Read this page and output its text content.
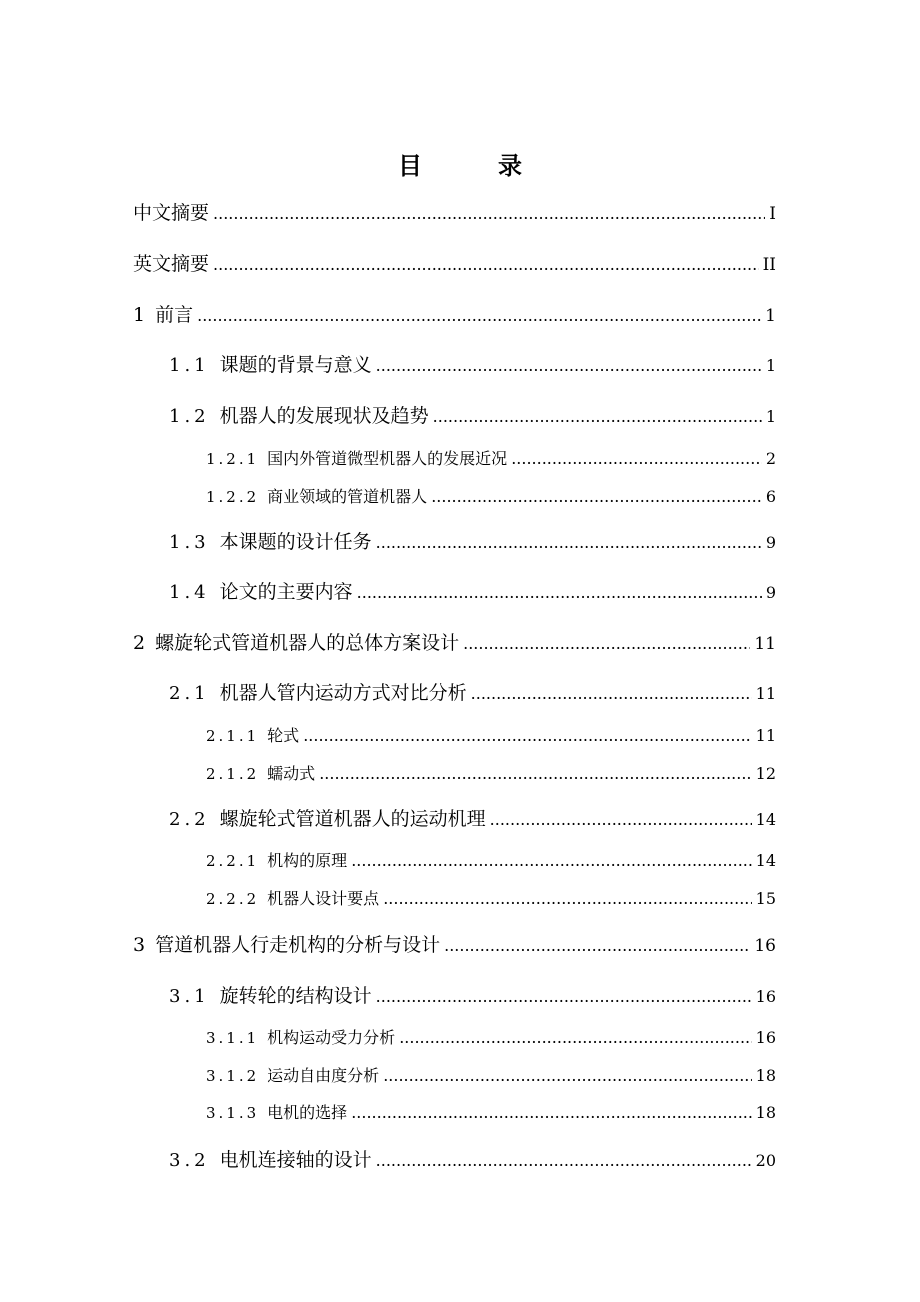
目　录
中文摘要 .....	I
英文摘要 .....	II
1 前言 .....	1
1.1 课题的背景与意义 .....	1
1.2 机器人的发展现状及趋势 .....	1
1.2.1 国内外管道微型机器人的发展近况 .....	2
1.2.2 商业领域的管道机器人 .....	6
1.3 本课题的设计任务 .....	9
1.4 论文的主要内容 .....	9
2 螺旋轮式管道机器人的总体方案设计 .....	11
2.1 机器人管内运动方式对比分析 .....	11
2.1.1 轮式 .....	11
2.1.2 蠕动式 .....	12
2.2 螺旋轮式管道机器人的运动机理 .....	14
2.2.1 机构的原理 .....	14
2.2.2 机器人设计要点 .....	15
3 管道机器人行走机构的分析与设计 .....	16
3.1 旋转轮的结构设计 .....	16
3.1.1 机构运动受力分析 .....	16
3.1.2 运动自由度分析 .....	18
3.1.3 电机的选择 .....	18
3.2 电机连接轴的设计 .....	20
